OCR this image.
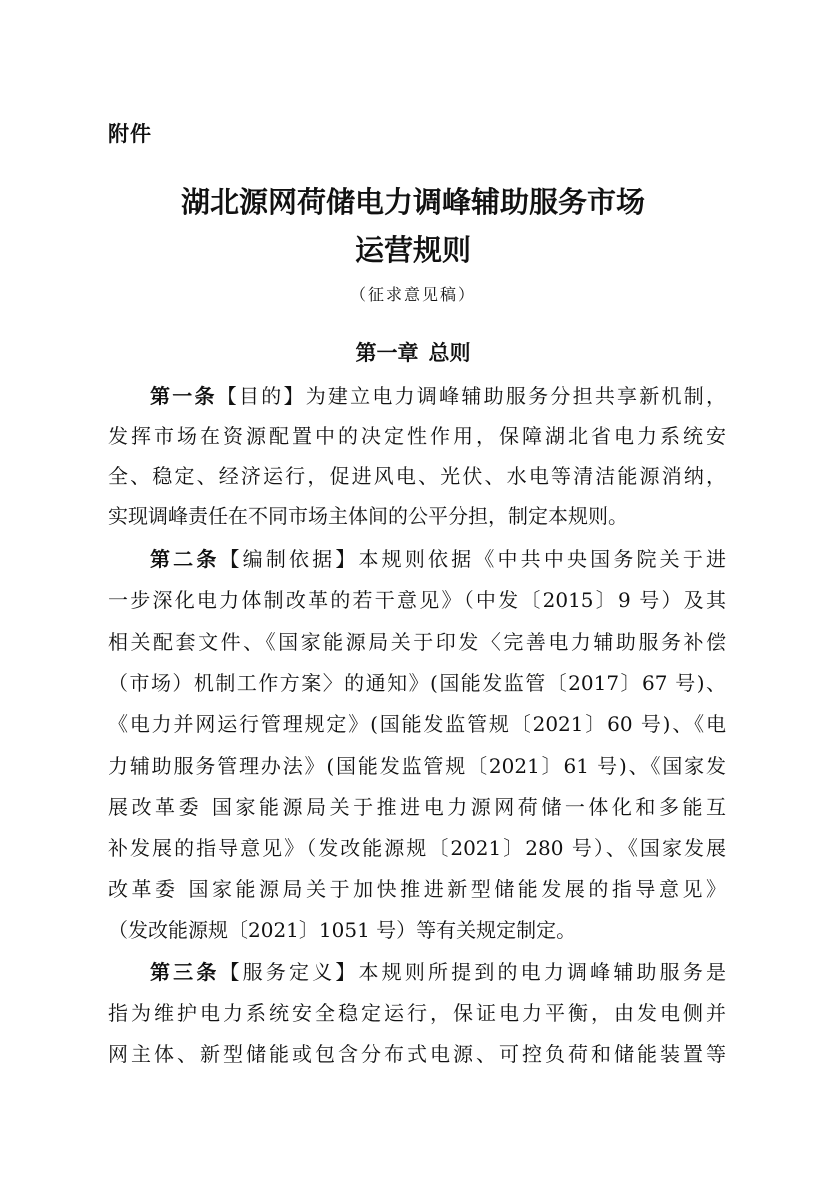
附件
湖北源网荷储电力调峰辅助服务市场
运营规则
（征求意见稿）
第一章 总则
第一条【目的】为建立电力调峰辅助服务分担共享新机制，
发挥市场在资源配置中的决定性作用，保障湖北省电力系统安
全、稳定、经济运行，促进风电、光伏、水电等清洁能源消纳，
实现调峰责任在不同市场主体间的公平分担，制定本规则。
第二条【编制依据】本规则依据《中共中央国务院关于进
一步深化电力体制改革的若干意见》（中发〔2015〕9 号）及其
相关配套文件、《国家能源局关于印发〈完善电力辅助服务补偿
（市场）机制工作方案〉的通知》(国能发监管〔2017〕67 号)、
《电力并网运行管理规定》(国能发监管规〔2021〕60 号)、《电
力辅助服务管理办法》(国能发监管规〔2021〕61 号)、《国家发
展改革委 国家能源局关于推进电力源网荷储一体化和多能互
补发展的指导意见》（发改能源规〔2021〕280 号）、《国家发展
改革委 国家能源局关于加快推进新型储能发展的指导意见》
（发改能源规〔2021〕1051 号）等有关规定制定。
第三条【服务定义】本规则所提到的电力调峰辅助服务是
指为维护电力系统安全稳定运行，保证电力平衡，由发电侧并
网主体、新型储能或包含分布式电源、可控负荷和储能装置等
